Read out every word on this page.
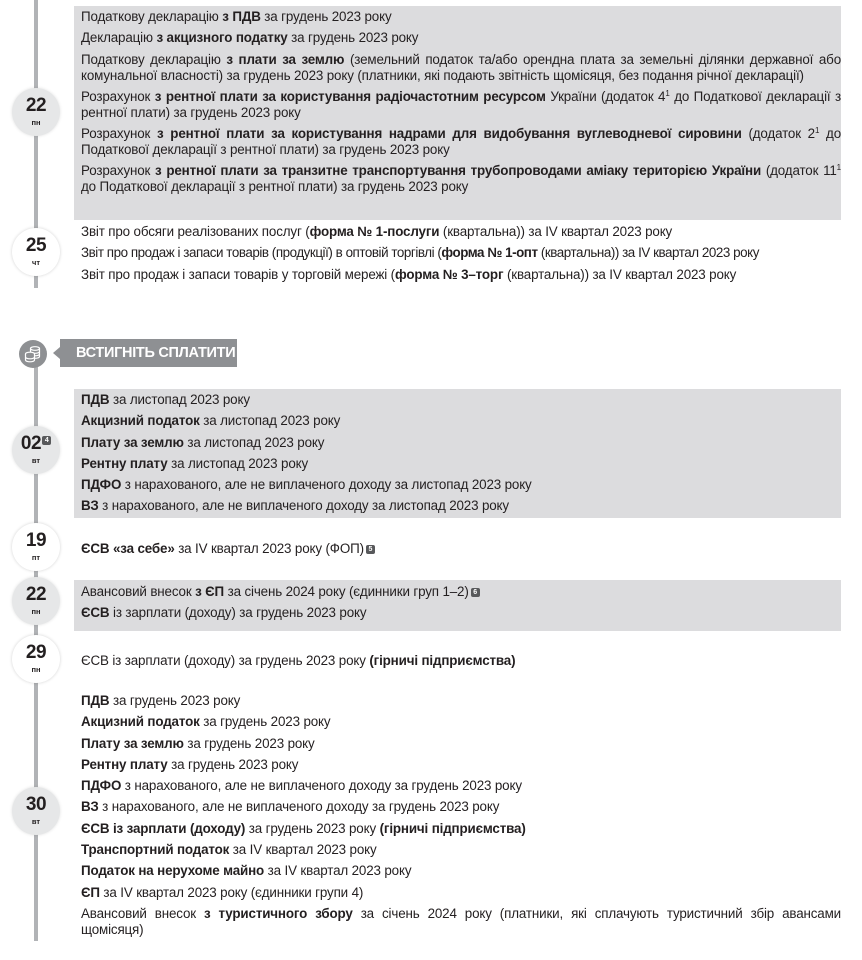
Податкову декларацію з ПДВ за грудень 2023 року
Декларацію з акцизного податку за грудень 2023 року
Податкову декларацію з плати за землю (земельний податок та/або орендна плата за земельні ділянки державної або комунальної власності) за грудень 2023 року (платники, які подають звітність щомісяця, без подання річної декларації)
Розрахунок з рентної плати за користування радіочастотним ресурсом України (додаток $4^1$ до Податкової декларації з рентної плати) за грудень 2023 року
Розрахунок з рентної плати за користування надрами для видобування вуглеводневої сировини (додаток $2^1$ до Податкової декларації з рентної плати) за грудень 2023 року
Розрахунок з рентної плати за транзитне транспортування трубопроводами аміаку територією України (додаток $11^1$ до Податкової декларації з рентної плати) за грудень 2023 року
22
пн
Звіт про обсяги реалізованих послуг (форма № 1-послуги (квартальна)) за IV квартал 2023 року
Звіт про продаж і запаси товарів (продукції) в оптовій торгівлі (форма № 1-опт (квартальна)) за IV квартал 2023 року
Звіт про продаж і запаси товарів у торговій мережі (форма № 3–торг (квартальна)) за IV квартал 2023 року
25
чт
ВСТИГНІТЬ СПЛАТИТИ
ПДВ за листопад 2023 року
Акцизний податок за листопад 2023 року
Плату за землю за листопад 2023 року
Рентну плату за листопад 2023 року
ПДФО з нарахованого, але не виплаченого доходу за листопад 2023 року
ВЗ з нарахованого, але не виплаченого доходу за листопад 2023 року
02 4
вт
ЄСВ «за себе» за IV квартал 2023 року (ФОП) 5
19
пт
Авансовий внесок з ЄП за січень 2024 року (єдинники груп 1–2) 6
ЄСВ із зарплати (доходу) за грудень 2023 року
22
пн
ЄСВ із зарплати (доходу) за грудень 2023 року (гірничі підприємства)
29
пн
ПДВ за грудень 2023 року
Акцизний податок за грудень 2023 року
Плату за землю за грудень 2023 року
Рентну плату за грудень 2023 року
ПДФО з нарахованого, але не виплаченого доходу за грудень 2023 року
ВЗ з нарахованого, але не виплаченого доходу за грудень 2023 року
ЄСВ із зарплати (доходу) за грудень 2023 року (гірничі підприємства)
Транспортний податок за IV квартал 2023 року
Податок на нерухоме майно за IV квартал 2023 року
ЄП за IV квартал 2023 року (єдинники групи 4)
Авансовий внесок з туристичного збору за січень 2024 року (платники, які сплачують туристичний збір авансами щомісяця)
30
вт
